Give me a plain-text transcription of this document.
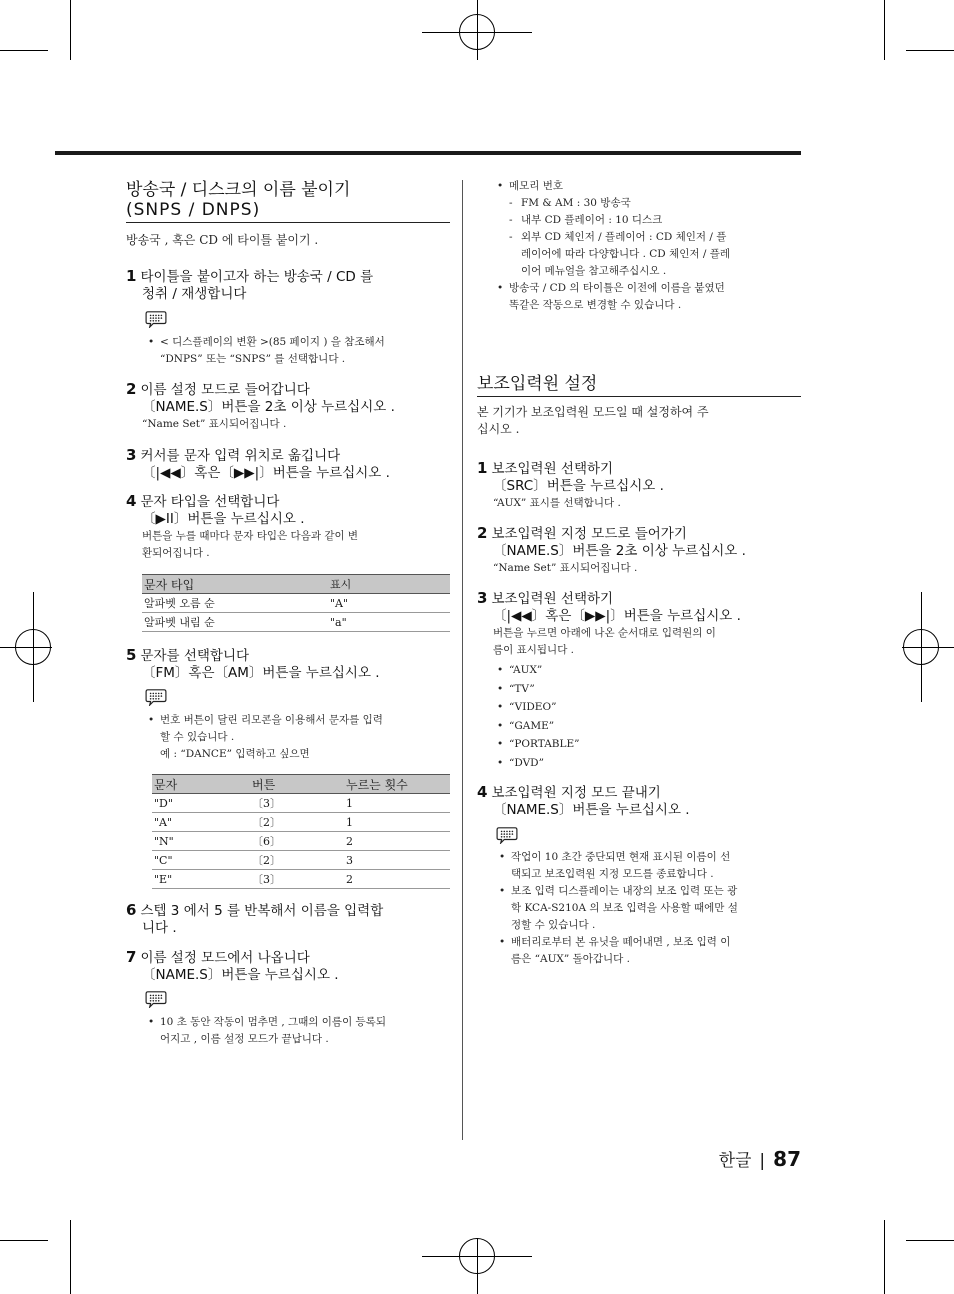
방송국 / 디스크의 이름 붙이기
(SNPS / DNPS)
방송국 , 혹은 CD 에 타이틀 붙이기 .
1 타이틀을 붙이고자 하는 방송국 / CD 를
청취 / 재생합니다
• < 디스플레이의 변환 >(85 페이지 ) 을 참조해서
“DNPS” 또는 “SNPS” 를 선택합니다 .
2 이름 설정 모드로 들어갑니다
〔NAME.S〕버튼을 2초 이상 누르십시오 .
“Name Set” 표시되어집니다 .
3 커서를 문자 입력 위치로 옮깁니다
〔|◀◀〕혹은〔▶▶|〕버튼을 누르십시오 .
4 문자 타입을 선택합니다
〔▶II〕버튼을 누르십시오 .
버튼을 누를 때마다 문자 타입은 다음과 같이 변
환되어집니다 .
문자 타입	표시
알파벳 오름 순	"A"
알파벳 내림 순	"a"
5 문자를 선택합니다
〔FM〕혹은〔AM〕버튼을 누르십시오 .
• 번호 버튼이 달린 리모콘을 이용해서 문자를 입력
할 수 있습니다 .
예 : “DANCE” 입력하고 싶으면
문자	버튼	누르는 횟수
"D"	〔3〕	1
"A"	〔2〕	1
"N"	〔6〕	2
"C"	〔2〕	3
"E"	〔3〕	2
6 스텝 3 에서 5 를 반복해서 이름을 입력합
니다 .
7 이름 설정 모드에서 나옵니다
〔NAME.S〕버튼을 누르십시오 .
• 10 초 동안 작동이 멈추면 , 그때의 이름이 등록되
어지고 , 이름 설정 모드가 끝납니다 .
• 메모리 번호
- FM & AM : 30 방송국
- 내부 CD 플레이어 : 10 디스크
- 외부 CD 체인저 / 플레이어 : CD 체인저 / 플
레이어에 따라 다양합니다 . CD 체인저 / 플레
이어 메뉴얼을 참고해주십시오 .
• 방송국 / CD 의 타이틀은 이전에 이름을 붙였던
똑같은 작동으로 변경할 수 있습니다 .
보조입력원 설정
본 기기가 보조입력원 모드일 때 설정하여 주
십시오 .
1 보조입력원 선택하기
〔SRC〕버튼을 누르십시오 .
“AUX” 표시를 선택합니다 .
2 보조입력원 지정 모드로 들어가기
〔NAME.S〕버튼을 2초 이상 누르십시오 .
“Name Set” 표시되어집니다 .
3 보조입력원 선택하기
〔|◀◀〕혹은〔▶▶|〕버튼을 누르십시오 .
버튼을 누르면 아래에 나온 순서대로 입력원의 이
름이 표시됩니다 .
• “AUX”
• “TV”
• “VIDEO”
• “GAME”
• “PORTABLE”
• “DVD”
4 보조입력원 지정 모드 끝내기
〔NAME.S〕버튼을 누르십시오 .
• 작업이 10 초간 중단되면 현재 표시된 이름이 선
택되고 보조입력원 지정 모드를 종료합니다 .
• 보조 입력 디스플레이는 내장의 보조 입력 또는 광
학 KCA-S210A 의 보조 입력을 사용할 때에만 설
정할 수 있습니다 .
• 배터리로부터 본 유닛을 떼어내면 , 보조 입력 이
름은 “AUX” 돌아갑니다 .
한글 | 87
